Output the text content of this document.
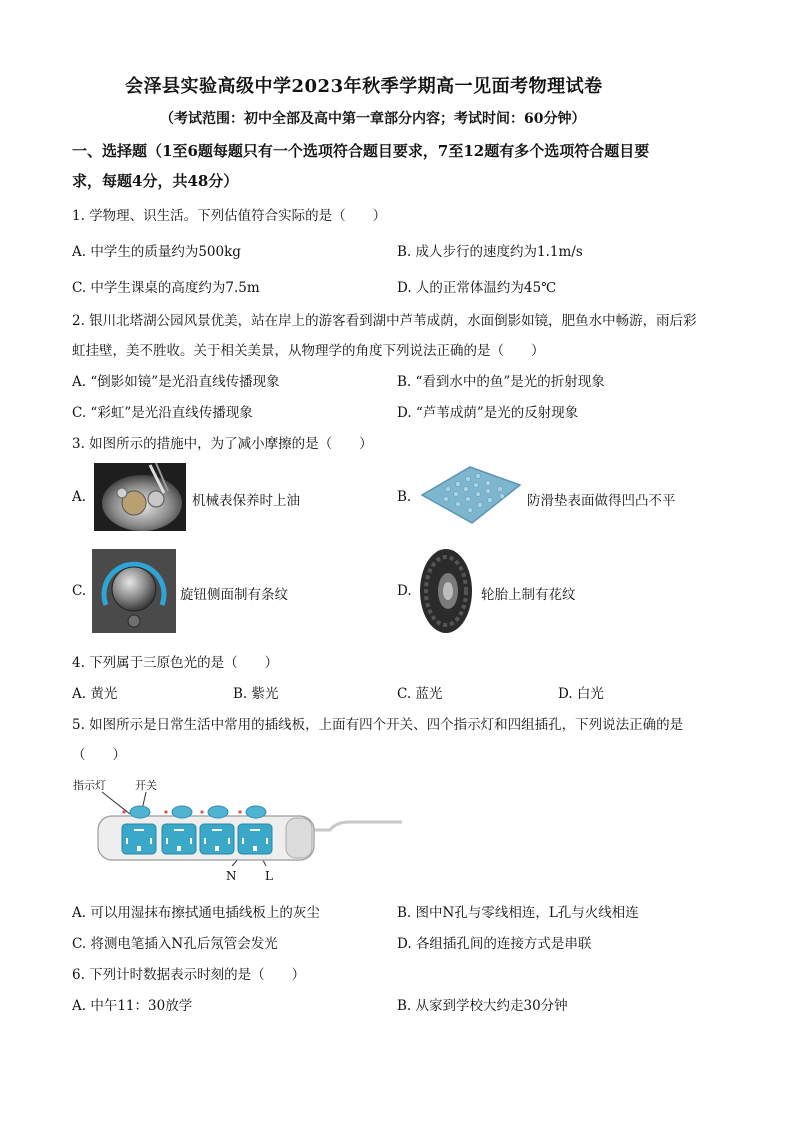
会泽县实验高级中学2023年秋季学期高一见面考物理试卷
（考试范围：初中全部及高中第一章部分内容；考试时间：60分钟）
一、选择题（1至6题每题只有一个选项符合题目要求，7至12题有多个选项符合题目要
求，每题4分，共48分）
1. 学物理、识生活。下列估值符合实际的是（　　）
A. 中学生的质量约为500kg	B. 成人步行的速度约为1.1m/s
C. 中学生课桌的高度约为7.5m	D. 人的正常体温约为45℃
2. 银川北塔湖公园风景优美，站在岸上的游客看到湖中芦苇成荫，水面倒影如镜，肥鱼水中畅游，雨后彩
虹挂壁，美不胜收。关于相关美景，从物理学的角度下列说法正确的是（　　）
A. “倒影如镜”是光沿直线传播现象	B. “看到水中的鱼”是光的折射现象
C. “彩虹”是光沿直线传播现象	D. “芦苇成荫”是光的反射现象
3. 如图所示的措施中，为了减小摩擦的是（　　）
A.	机械表保养时上油	B.	防滑垫表面做得凹凸不平
C.	旋钮侧面制有条纹	D.	轮胎上制有花纹
4. 下列属于三原色光的是（　　）
A. 黄光	B. 紫光	C. 蓝光	D. 白光
5. 如图所示是日常生活中常用的插线板，上面有四个开关、四个指示灯和四组插孔，下列说法正确的是
（　　）
指示灯	开关
N L
A. 可以用湿抹布擦拭通电插线板上的灰尘	B. 图中N孔与零线相连，L孔与火线相连
C. 将测电笔插入N孔后氖管会发光	D. 各组插孔间的连接方式是串联
6. 下列计时数据表示时刻的是（　　）
A. 中午11：30放学	B. 从家到学校大约走30分钟
